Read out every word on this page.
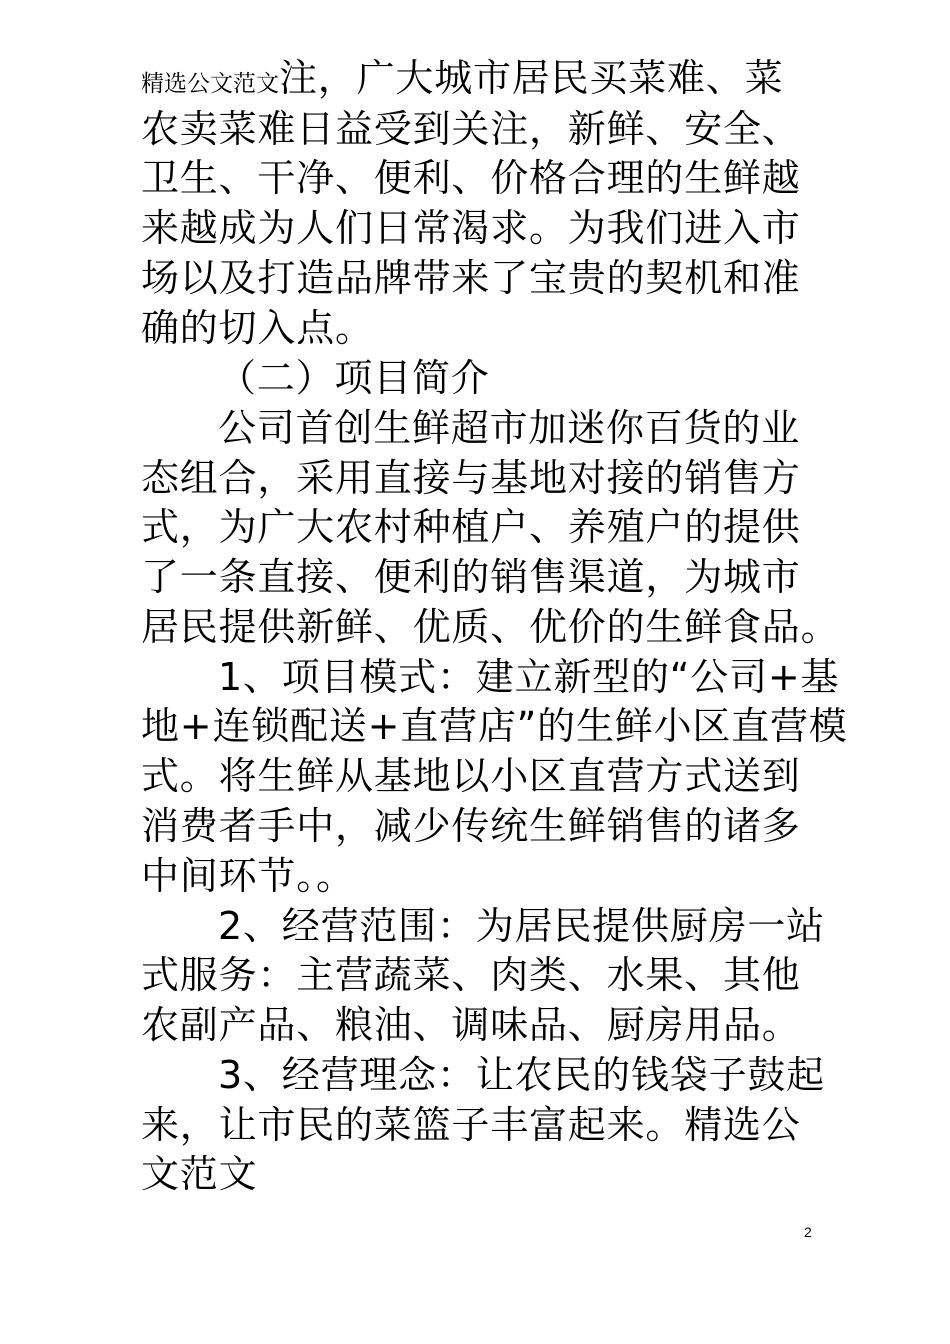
精选公文范文注，广大城市居民买菜难、菜
农卖菜难日益受到关注，新鲜、安全、
卫生、干净、便利、价格合理的生鲜越
来越成为人们日常渴求。为我们进入市
场以及打造品牌带来了宝贵的契机和准
确的切入点。
（二）项目简介
公司首创生鲜超市加迷你百货的业
态组合，采用直接与基地对接的销售方
式，为广大农村种植户、养殖户的提供
了一条直接、便利的销售渠道，为城市
居民提供新鲜、优质、优价的生鲜食品。
1、项目模式：建立新型的“公司+基
地+连锁配送+直营店”的生鲜小区直营模
式。将生鲜从基地以小区直营方式送到
消费者手中，减少传统生鲜销售的诸多
中间环节。。
2、经营范围：为居民提供厨房一站
式服务：主营蔬菜、肉类、水果、其他
农副产品、粮油、调味品、厨房用品。
3、经营理念：让农民的钱袋子鼓起
来，让市民的菜篮子丰富起来。精选公
文范文
2
